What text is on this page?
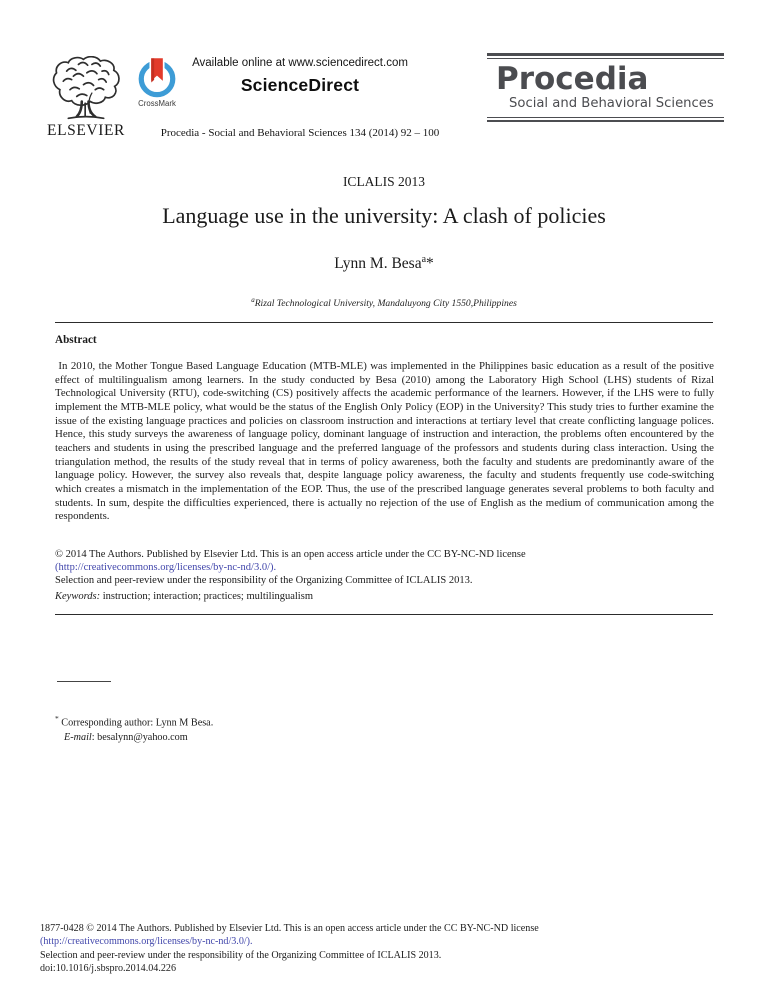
ELSEVIER
CrossMark
Available online at www.sciencedirect.com
ScienceDirect
Procedia - Social and Behavioral Sciences 134 (2014) 92 – 100
Procedia
Social and Behavioral Sciences
ICLALIS 2013
Language use in the university: A clash of policies
Lynn M. Besa$^a$*
$^a$Rizal Technological University, Mandaluyong City 1550,Philippines
Abstract
In 2010, the Mother Tongue Based Language Education (MTB-MLE) was implemented in the Philippines basic education as a result of the positive effect of multilingualism among learners. In the study conducted by Besa (2010) among the Laboratory High School (LHS) students of Rizal Technological University (RTU), code-switching (CS) positively affects the academic performance of the learners. However, if the LHS were to fully implement the MTB-MLE policy, what would be the status of the English Only Policy (EOP) in the University? This study tries to further examine the issue of the existing language practices and policies on classroom instruction and interactions at tertiary level that create conflicting language polices. Hence, this study surveys the awareness of language policy, dominant language of instruction and interaction, the problems often encountered by the teachers and students in using the prescribed language and the preferred language of the professors and students during class interaction. Using the triangulation method, the results of the study reveal that in terms of policy awareness, both the faculty and students are predominantly aware of the language policy. However, the survey also reveals that, despite language policy awareness, the faculty and students frequently use code-switching which creates a mismatch in the implementation of the EOP. Thus, the use of the prescribed language generates several problems to both faculty and students. In sum, despite the difficulties experienced, there is actually no rejection of the use of English as the medium of communication among the respondents.
© 2014 The Authors. Published by Elsevier Ltd. This is an open access article under the CC BY-NC-ND license
(http://creativecommons.org/licenses/by-nc-nd/3.0/).
Selection and peer-review under the responsibility of the Organizing Committee of ICLALIS 2013.
Keywords: instruction; interaction; practices; multilingualism
* Corresponding author: Lynn M Besa.
E-mail: besalynn@yahoo.com
1877-0428 © 2014 The Authors. Published by Elsevier Ltd. This is an open access article under the CC BY-NC-ND license
(http://creativecommons.org/licenses/by-nc-nd/3.0/).
Selection and peer-review under the responsibility of the Organizing Committee of ICLALIS 2013.
doi:10.1016/j.sbspro.2014.04.226
